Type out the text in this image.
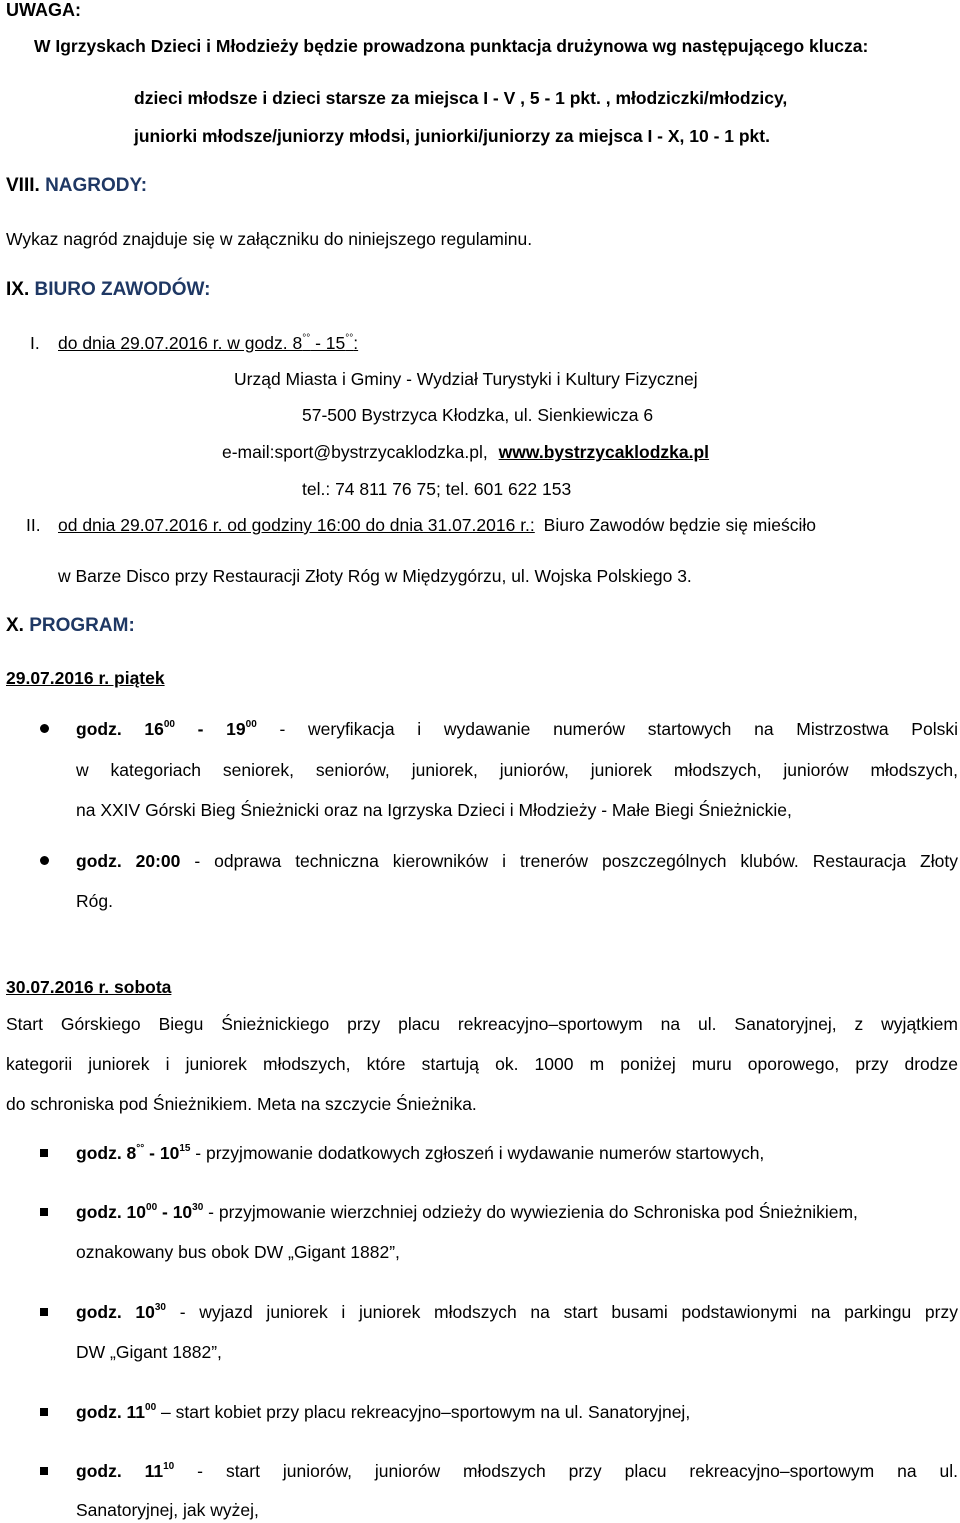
UWAGA:
W Igrzyskach Dzieci i Młodzieży będzie prowadzona punktacja drużynowa wg następującego klucza:
dzieci młodsze i dzieci starsze za miejsca I - V , 5 - 1 pkt. , młodziczki/młodzicy,
juniorki młodsze/juniorzy młodsi, juniorki/juniorzy za miejsca I - X, 10 - 1 pkt.
VIII. NAGRODY:
Wykaz nagród znajduje się w załączniku do niniejszego regulaminu.
IX. BIURO ZAWODÓW:
I. do dnia 29.07.2016 r. w godz. 8°° - 15°°:
Urząd Miasta i Gminy - Wydział Turystyki i Kultury Fizycznej
57-500 Bystrzyca Kłodzka, ul. Sienkiewicza 6
e-mail:sport@bystrzycaklodzka.pl, www.bystrzycaklodzka.pl
tel.: 74 811 76 75; tel. 601 622 153
II. od dnia 29.07.2016 r. od godziny 16:00 do dnia 31.07.2016 r.: Biuro Zawodów będzie się mieściło
w Barze Disco przy Restauracji Złoty Róg w Międzygórzu, ul. Wojska Polskiego 3.
X. PROGRAM:
29.07.2016 r. piątek
godz. $16^{00} - 19^{00}$ - weryfikacja i wydawanie numerów startowych na Mistrzostwa Polski
w kategoriach seniorek, seniorów, juniorek, juniorów, juniorek młodszych, juniorów młodszych,
na XXIV Górski Bieg Śnieżnicki oraz na Igrzyska Dzieci i Młodzieży - Małe Biegi Śnieżnickie,
godz. 20:00 - odprawa techniczna kierowników i trenerów poszczególnych klubów. Restauracja Złoty
Róg.
30.07.2016 r. sobota
Start Górskiego Biegu Śnieżnickiego przy placu rekreacyjno–sportowym na ul. Sanatoryjnej, z wyjątkiem
kategorii juniorek i juniorek młodszych, które startują ok. 1000 m poniżej muru oporowego, przy drodze
do schroniska pod Śnieżnikiem. Meta na szczycie Śnieżnika.
godz. $8^{^\circ^\circ} - 10^{15}$ - przyjmowanie dodatkowych zgłoszeń i wydawanie numerów startowych,
godz. $10^{00} - 10^{30}$ - przyjmowanie wierzchniej odzieży do wywiezienia do Schroniska pod Śnieżnikiem,
oznakowany bus obok DW „Gigant 1882”,
godz. $10^{30}$ - wyjazd juniorek i juniorek młodszych na start busami podstawionymi na parkingu przy
DW „Gigant 1882”,
godz. $11^{00}$ – start kobiet przy placu rekreacyjno–sportowym na ul. Sanatoryjnej,
godz. $11^{10}$ - start juniorów, juniorów młodszych przy placu rekreacyjno–sportowym na ul.
Sanatoryjnej, jak wyżej,
